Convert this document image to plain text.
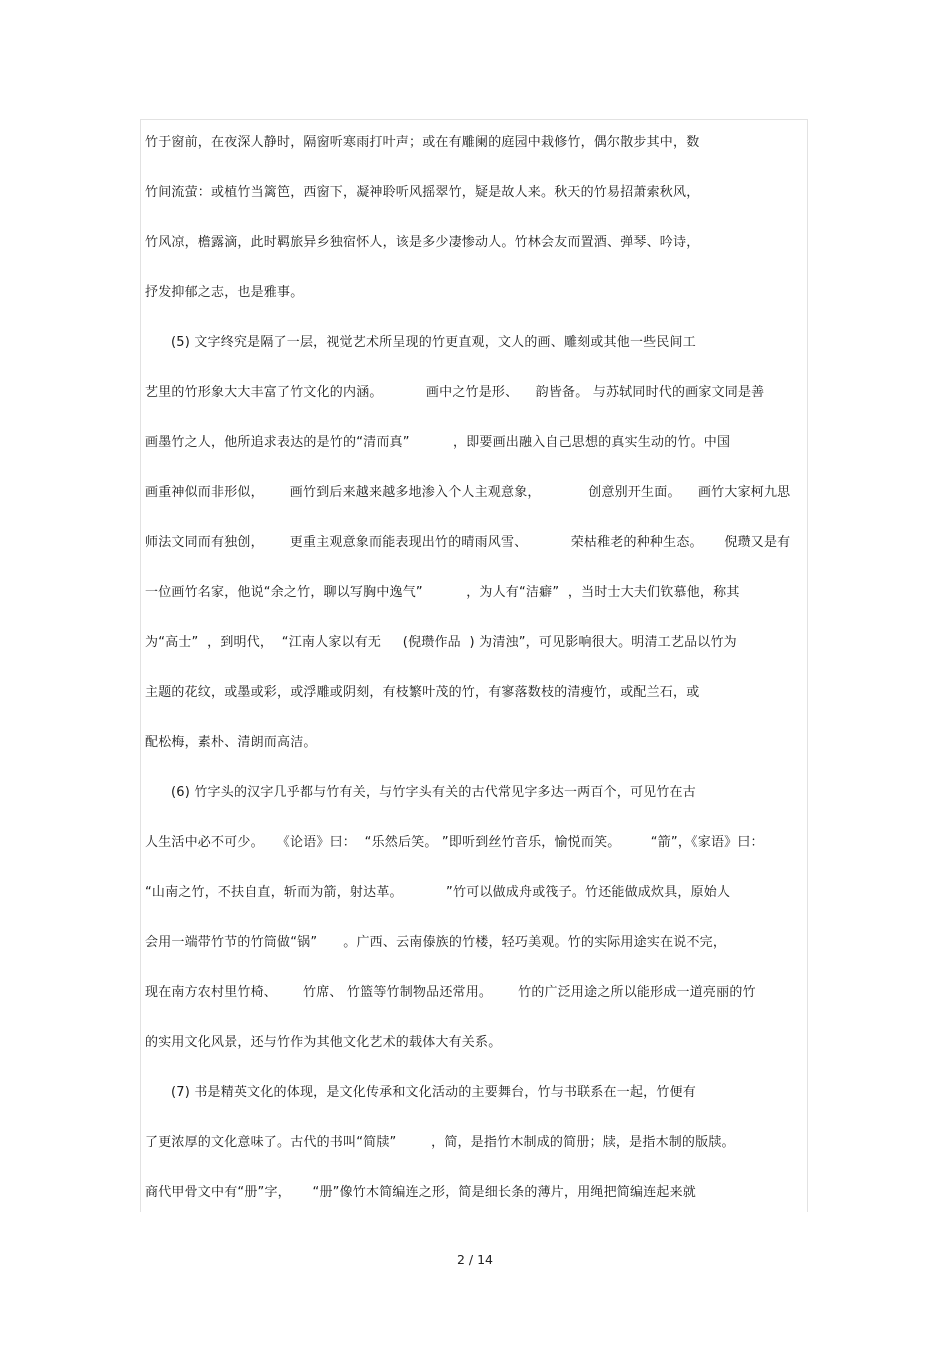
竹于窗前，在夜深人静时，隔窗听寒雨打叶声；或在有雕阑的庭园中栽修竹，偶尔散步其中，数
竹间流萤：或植竹当篱笆，西窗下，凝神聆听风摇翠竹，疑是故人来。秋天的竹易招萧索秋风，
竹风凉，檐露滴，此时羁旅异乡独宿怀人，该是多少凄惨动人。竹林会友而置酒、弹琴、吟诗，
抒发抑郁之志，也是雅事。
(5) 文字终究是隔了一层，视觉艺术所呈现的竹更直观，文人的画、雕刻或其他一些民间工
艺里的竹形象大大丰富了竹文化的内涵。          画中之竹是形、    韵皆备。 与苏轼同时代的画家文同是善
画墨竹之人，他所追求表达的是竹的“清而真”          ，即要画出融入自己思想的真实生动的竹。中国
画重神似而非形似，      画竹到后来越来越多地渗入个人主观意象，           创意别开生面。    画竹大家柯九思
师法文同而有独创，      更重主观意象而能表现出竹的晴雨风雪、          荣枯稚老的种种生态。     倪瓒又是有
一位画竹名家，他说“余之竹，聊以写胸中逸气”          ，为人有“洁癖”  ，当时士大夫们钦慕他，称其
为“高士”  ，到明代，  “江南人家以有无     (倪瓒作品  ) 为清浊”，可见影响很大。明清工艺品以竹为
主题的花纹，或墨或彩，或浮雕或阴刻，有枝繁叶茂的竹，有寥落数枝的清瘦竹，或配兰石，或
配松梅，素朴、清朗而高洁。
(6) 竹字头的汉字几乎都与竹有关，与竹字头有关的古代常见字多达一两百个，可见竹在古
人生活中必不可少。   《论语》曰：  “乐然后笑。 ”即听到丝竹音乐，愉悦而笑。       “箭”，《家语》曰：
“山南之竹，不扶自直，斩而为箭，射达革。          ”竹可以做成舟或筏子。竹还能做成炊具，原始人
会用一端带竹节的竹筒做“锅”      。广西、云南傣族的竹楼，轻巧美观。竹的实际用途实在说不完，
现在南方农村里竹椅、      竹席、 竹篮等竹制物品还常用。      竹的广泛用途之所以能形成一道亮丽的竹
的实用文化风景，还与竹作为其他文化艺术的载体大有关系。
(7) 书是精英文化的体现，是文化传承和文化活动的主要舞台，竹与书联系在一起，竹便有
了更浓厚的文化意味了。古代的书叫“简牍”        ，简，是指竹木制成的简册；牍，是指木制的版牍。
商代甲骨文中有“册”字，     “册”像竹木简编连之形，简是细长条的薄片，用绳把简编连起来就
2 / 14
